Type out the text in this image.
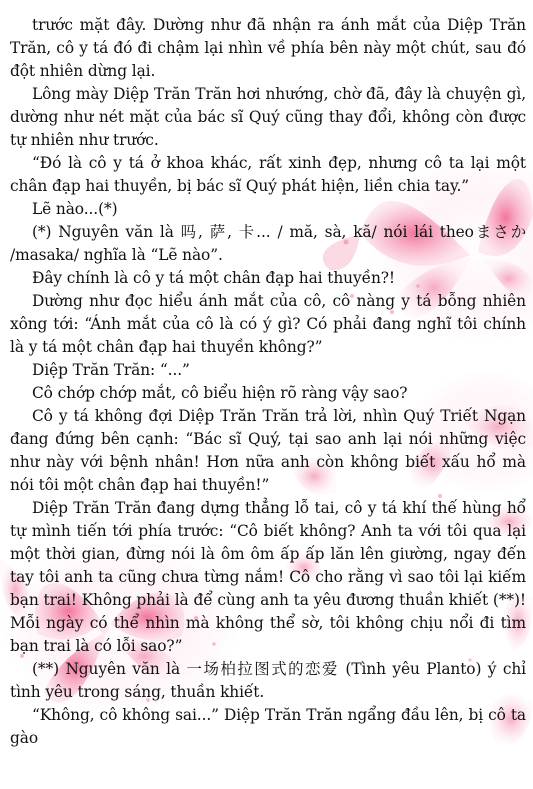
trước mặt đây. Dường như đã nhận ra ánh mắt của Diệp Trăn Trăn, cô y tá đó đi chậm lại nhìn về phía bên này một chút, sau đó đột nhiên dừng lại.

Lông mày Diệp Trăn Trăn hơi nhướng, chờ đã, đây là chuyện gì, dường như nét mặt của bác sĩ Quý cũng thay đổi, không còn được tự nhiên như trước.

“Đó là cô y tá ở khoa khác, rất xinh đẹp, nhưng cô ta lại một chân đạp hai thuyền, bị bác sĩ Quý phát hiện, liền chia tay.”

Lẽ nào...(*)

(*) Nguyên văn là 吗, 萨, 卡... / mă, sà, kă/ nói lái theoまさか /masaka/ nghĩa là “Lẽ nào”.

Đây chính là cô y tá một chân đạp hai thuyền?!

Dường như đọc hiểu ánh mắt của cô, cô nàng y tá bỗng nhiên xông tới: “Ánh mắt của cô là có ý gì? Có phải đang nghĩ tôi chính là y tá một chân đạp hai thuyền không?”

Diệp Trăn Trăn: “...”

Cô chớp chớp mắt, cô biểu hiện rõ ràng vậy sao?

Cô y tá không đợi Diệp Trăn Trăn trả lời, nhìn Quý Triết Ngạn đang đứng bên cạnh: “Bác sĩ Quý, tại sao anh lại nói những việc như này với bệnh nhân! Hơn nữa anh còn không biết xấu hổ mà nói tôi một chân đạp hai thuyền!”

Diệp Trăn Trăn đang dựng thẳng lỗ tai, cô y tá khí thế hùng hổ tự mình tiến tới phía trước: “Cô biết không? Anh ta với tôi qua lại một thời gian, đừng nói là ôm ôm ấp ấp lăn lên giường, ngay đến tay tôi anh ta cũng chưa từng nắm! Cô cho rằng vì sao tôi lại kiếm bạn trai! Không phải là để cùng anh ta yêu đương thuần khiết (**)! Mỗi ngày có thể nhìn mà không thể sờ, tôi không chịu nổi đi tìm bạn trai là có lỗi sao?”

(**) Nguyên văn là 一场柏拉图式的恋爱 (Tình yêu Planto) ý chỉ tình yêu trong sáng, thuần khiết.

“Không, cô không sai...” Diệp Trăn Trăn ngẩng đầu lên, bị cô ta gào
